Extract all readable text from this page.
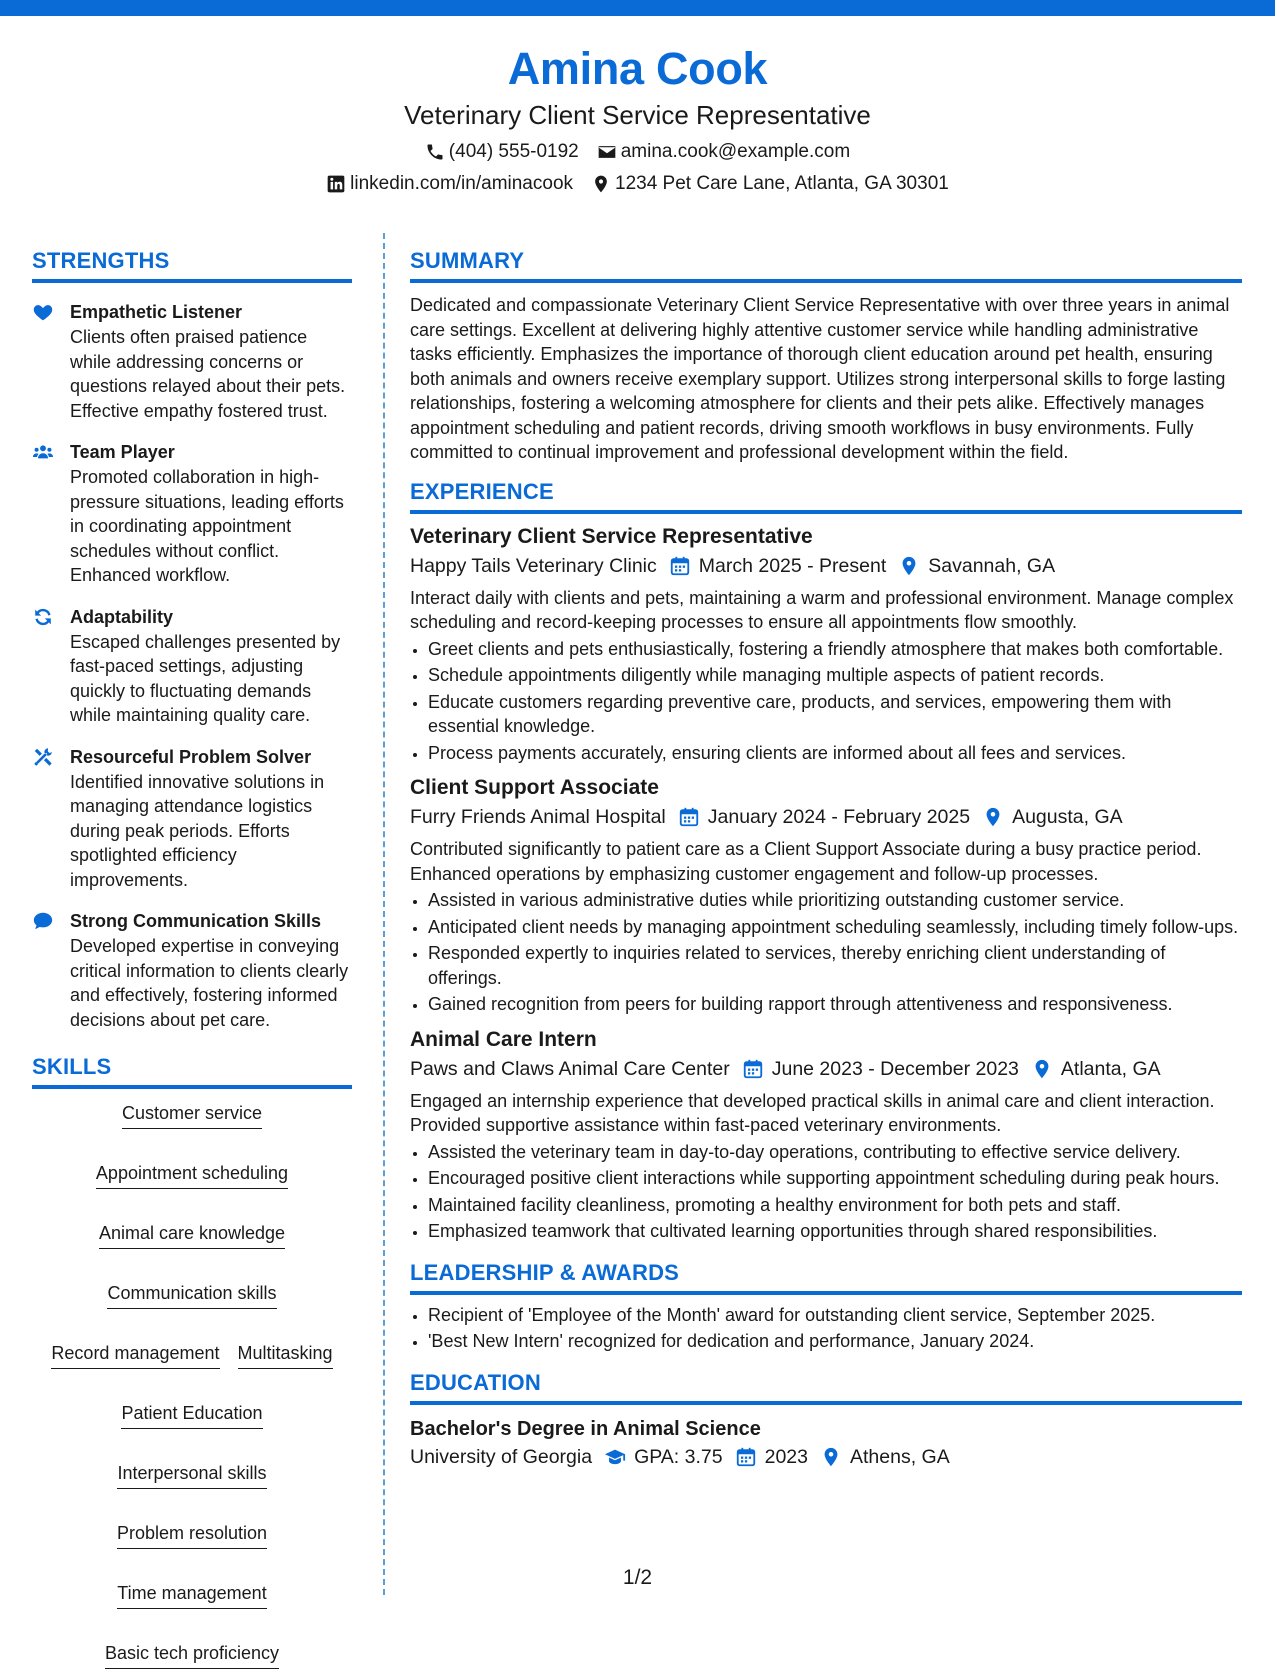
Amina Cook
Veterinary Client Service Representative
(404) 555-0192 amina.cook@example.com
linkedin.com/in/aminacook 1234 Pet Care Lane, Atlanta, GA 30301
STRENGTHS
Empathetic Listener
Clients often praised patience while addressing concerns or questions relayed about their pets. Effective empathy fostered trust.
Team Player
Promoted collaboration in high-pressure situations, leading efforts in coordinating appointment schedules without conflict. Enhanced workflow.
Adaptability
Escaped challenges presented by fast-paced settings, adjusting quickly to fluctuating demands while maintaining quality care.
Resourceful Problem Solver
Identified innovative solutions in managing attendance logistics during peak periods. Efforts spotlighted efficiency improvements.
Strong Communication Skills
Developed expertise in conveying critical information to clients clearly and effectively, fostering informed decisions about pet care.
SKILLS
Customer service
Appointment scheduling
Animal care knowledge
Communication skills
Record management Multitasking
Patient Education
Interpersonal skills
Problem resolution
Time management
Basic tech proficiency
SUMMARY
Dedicated and compassionate Veterinary Client Service Representative with over three years in animal care settings. Excellent at delivering highly attentive customer service while handling administrative tasks efficiently. Emphasizes the importance of thorough client education around pet health, ensuring both animals and owners receive exemplary support. Utilizes strong interpersonal skills to forge lasting relationships, fostering a welcoming atmosphere for clients and their pets alike. Effectively manages appointment scheduling and patient records, driving smooth workflows in busy environments. Fully committed to continual improvement and professional development within the field.
EXPERIENCE
Veterinary Client Service Representative
Happy Tails Veterinary Clinic March 2025 - Present Savannah, GA
Interact daily with clients and pets, maintaining a warm and professional environment. Manage complex scheduling and record-keeping processes to ensure all appointments flow smoothly.
• Greet clients and pets enthusiastically, fostering a friendly atmosphere that makes both comfortable.
• Schedule appointments diligently while managing multiple aspects of patient records.
• Educate customers regarding preventive care, products, and services, empowering them with essential knowledge.
• Process payments accurately, ensuring clients are informed about all fees and services.
Client Support Associate
Furry Friends Animal Hospital January 2024 - February 2025 Augusta, GA
Contributed significantly to patient care as a Client Support Associate during a busy practice period. Enhanced operations by emphasizing customer engagement and follow-up processes.
• Assisted in various administrative duties while prioritizing outstanding customer service.
• Anticipated client needs by managing appointment scheduling seamlessly, including timely follow-ups.
• Responded expertly to inquiries related to services, thereby enriching client understanding of offerings.
• Gained recognition from peers for building rapport through attentiveness and responsiveness.
Animal Care Intern
Paws and Claws Animal Care Center June 2023 - December 2023 Atlanta, GA
Engaged an internship experience that developed practical skills in animal care and client interaction. Provided supportive assistance within fast-paced veterinary environments.
• Assisted the veterinary team in day-to-day operations, contributing to effective service delivery.
• Encouraged positive client interactions while supporting appointment scheduling during peak hours.
• Maintained facility cleanliness, promoting a healthy environment for both pets and staff.
• Emphasized teamwork that cultivated learning opportunities through shared responsibilities.
LEADERSHIP & AWARDS
• Recipient of 'Employee of the Month' award for outstanding client service, September 2025.
• 'Best New Intern' recognized for dedication and performance, January 2024.
EDUCATION
Bachelor's Degree in Animal Science
University of Georgia GPA: 3.75 2023 Athens, GA
1/2
